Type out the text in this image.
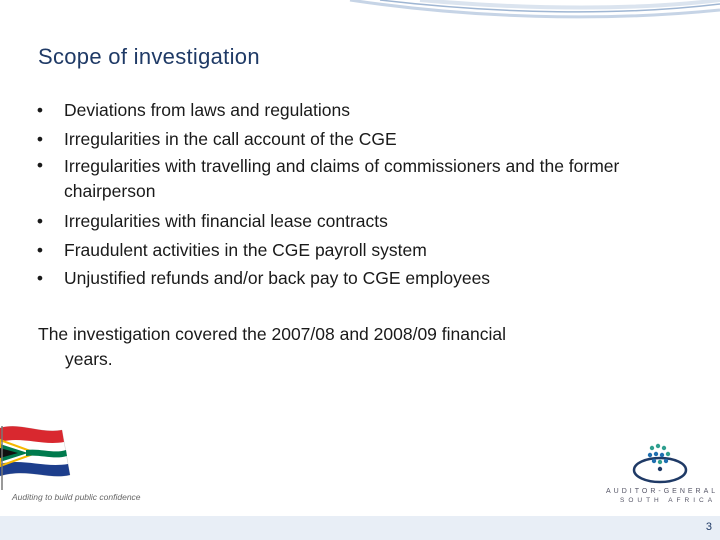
Scope of investigation
•	Deviations from laws and regulations
•	Irregularities in the call account of the CGE
•	Irregularities with travelling and claims of commissioners and the former chairperson
•	Irregularities with financial lease contracts
•	Fraudulent activities in the CGE payroll system
•	Unjustified refunds and/or back pay to CGE employees
The investigation covered the 2007/08 and 2008/09 financial
years.
Auditing to build public confidence
AUDITOR-GENERAL
SOUTH AFRICA
3
